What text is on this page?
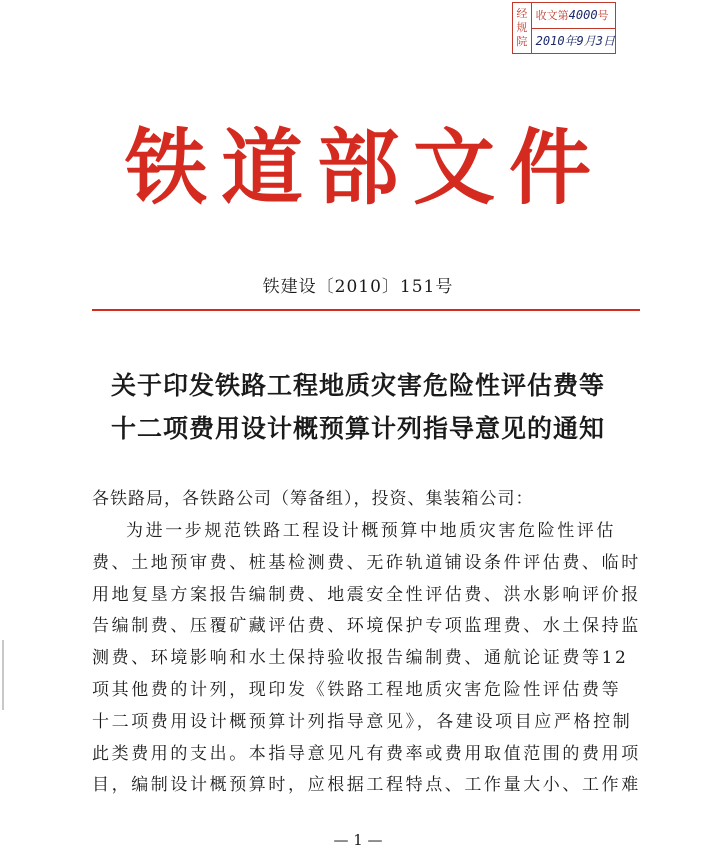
经
规
院
收文第 4000 号
2010年9月3日
铁道部文件
铁建设〔2010〕151号
关于印发铁路工程地质灾害危险性评估费等
十二项费用设计概预算计列指导意见的通知
各铁路局，各铁路公司（筹备组），投资、集装箱公司：
为进一步规范铁路工程设计概预算中地质灾害危险性评估
费、土地预审费、桩基检测费、无砟轨道铺设条件评估费、临时
用地复垦方案报告编制费、地震安全性评估费、洪水影响评价报
告编制费、压覆矿藏评估费、环境保护专项监理费、水土保持监
测费、环境影响和水土保持验收报告编制费、通航论证费等12
项其他费的计列，现印发《铁路工程地质灾害危险性评估费等
十二项费用设计概预算计列指导意见》，各建设项目应严格控制
此类费用的支出。本指导意见凡有费率或费用取值范围的费用项
目，编制设计概预算时，应根据工程特点、工作量大小、工作难
— 1 —
